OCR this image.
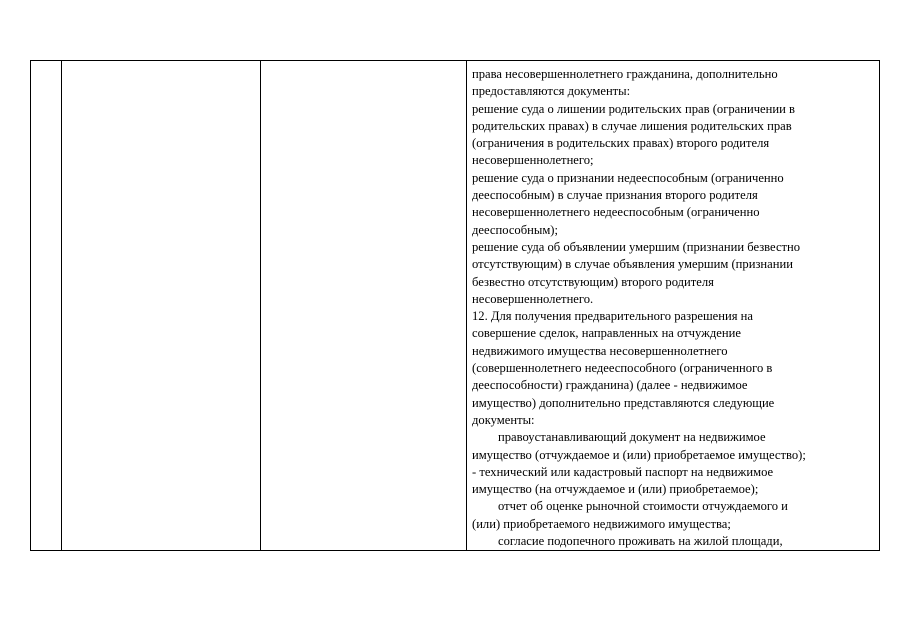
права несовершеннолетнего гражданина, дополнительно
предоставляются документы:
решение суда о лишении родительских прав (ограничении в
родительских правах) в случае лишения родительских прав
(ограничения в родительских правах) второго родителя
несовершеннолетнего;
решение суда о признании недееспособным (ограниченно
дееспособным) в случае признания второго родителя
несовершеннолетнего недееспособным (ограниченно
дееспособным);
решение суда об объявлении умершим (признании безвестно
отсутствующим) в случае объявления умершим (признании
безвестно отсутствующим) второго родителя
несовершеннолетнего.
12. Для получения предварительного разрешения на
совершение сделок, направленных на отчуждение
недвижимого имущества несовершеннолетнего
(совершеннолетнего недееспособного (ограниченного в
дееспособности) гражданина) (далее - недвижимое
имущество) дополнительно представляются следующие
документы:
правоустанавливающий документ на недвижимое
имущество (отчуждаемое и (или) приобретаемое имущество);
- технический или кадастровый паспорт на недвижимое
имущество (на отчуждаемое и (или) приобретаемое);
отчет об оценке рыночной стоимости отчуждаемого и
(или) приобретаемого недвижимого имущества;
согласие подопечного проживать на жилой площади,
